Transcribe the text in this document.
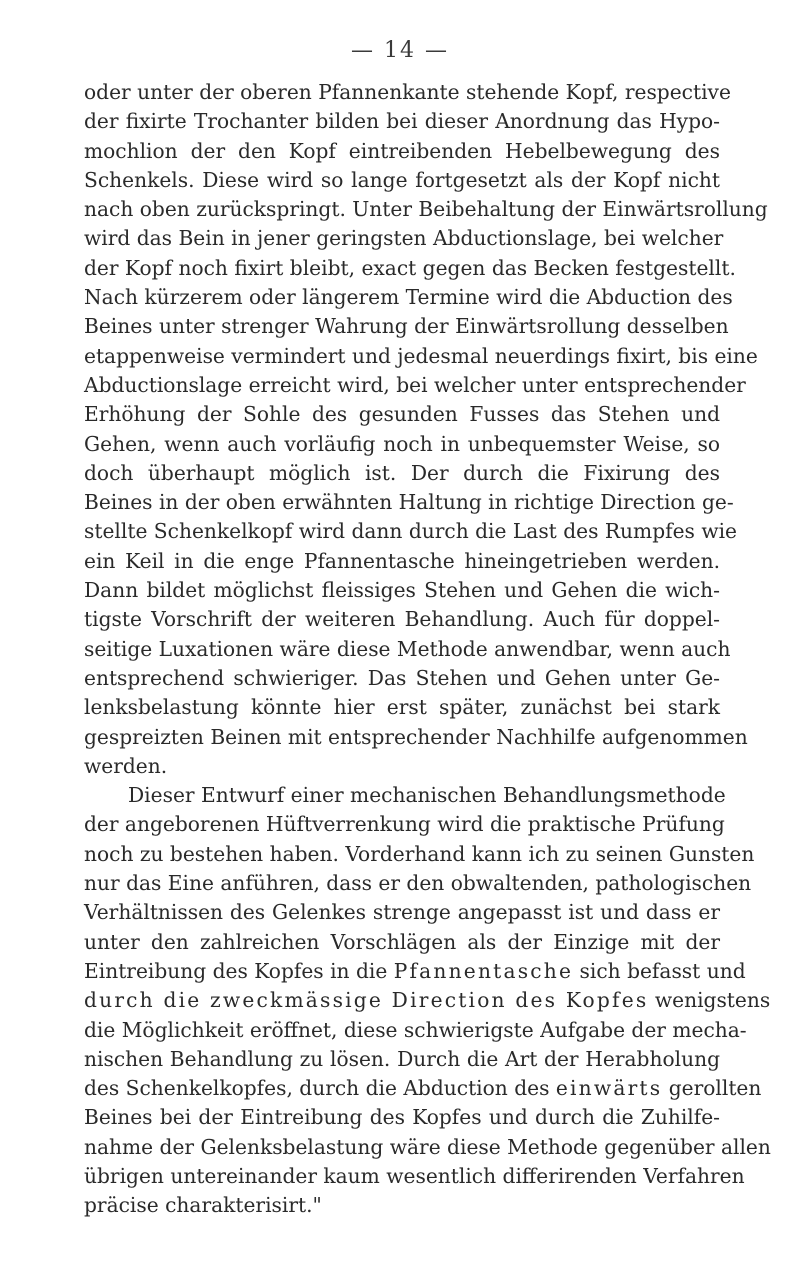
— 14 —

oder unter der oberen Pfannenkante stehende Kopf, respective
der fixirte Trochanter bilden bei dieser Anordnung das Hypo-
mochlion der den Kopf eintreibenden Hebelbewegung des
Schenkels. Diese wird so lange fortgesetzt als der Kopf nicht
nach oben zurückspringt. Unter Beibehaltung der Einwärtsrollung
wird das Bein in jener geringsten Abductionslage, bei welcher
der Kopf noch fixirt bleibt, exact gegen das Becken festgestellt.
Nach kürzerem oder längerem Termine wird die Abduction des
Beines unter strenger Wahrung der Einwärtsrollung desselben
etappenweise vermindert und jedesmal neuerdings fixirt, bis eine
Abductionslage erreicht wird, bei welcher unter entsprechender
Erhöhung der Sohle des gesunden Fusses das Stehen und
Gehen, wenn auch vorläufig noch in unbequemster Weise, so
doch überhaupt möglich ist. Der durch die Fixirung des
Beines in der oben erwähnten Haltung in richtige Direction ge-
stellte Schenkelkopf wird dann durch die Last des Rumpfes wie
ein Keil in die enge Pfannentasche hineingetrieben werden.
Dann bildet möglichst fleissiges Stehen und Gehen die wich-
tigste Vorschrift der weiteren Behandlung. Auch für doppel-
seitige Luxationen wäre diese Methode anwendbar, wenn auch
entsprechend schwieriger. Das Stehen und Gehen unter Ge-
lenksbelastung könnte hier erst später, zunächst bei stark
gespreizten Beinen mit entsprechender Nachhilfe aufgenommen
werden.

Dieser Entwurf einer mechanischen Behandlungsmethode
der angeborenen Hüftverrenkung wird die praktische Prüfung
noch zu bestehen haben. Vorderhand kann ich zu seinen Gunsten
nur das Eine anführen, dass er den obwaltenden, pathologischen
Verhältnissen des Gelenkes strenge angepasst ist und dass er
unter den zahlreichen Vorschlägen als der Einzige mit der
Eintreibung des Kopfes in die Pfannentasche sich befasst und
durch die zweckmässige Direction des Kopfes wenigstens
die Möglichkeit eröffnet, diese schwierigste Aufgabe der mecha-
nischen Behandlung zu lösen. Durch die Art der Herabholung
des Schenkelkopfes, durch die Abduction des einwärts gerollten
Beines bei der Eintreibung des Kopfes und durch die Zuhilfe-
nahme der Gelenksbelastung wäre diese Methode gegenüber allen
übrigen untereinander kaum wesentlich differirenden Verfahren
präcise charakterisirt."
